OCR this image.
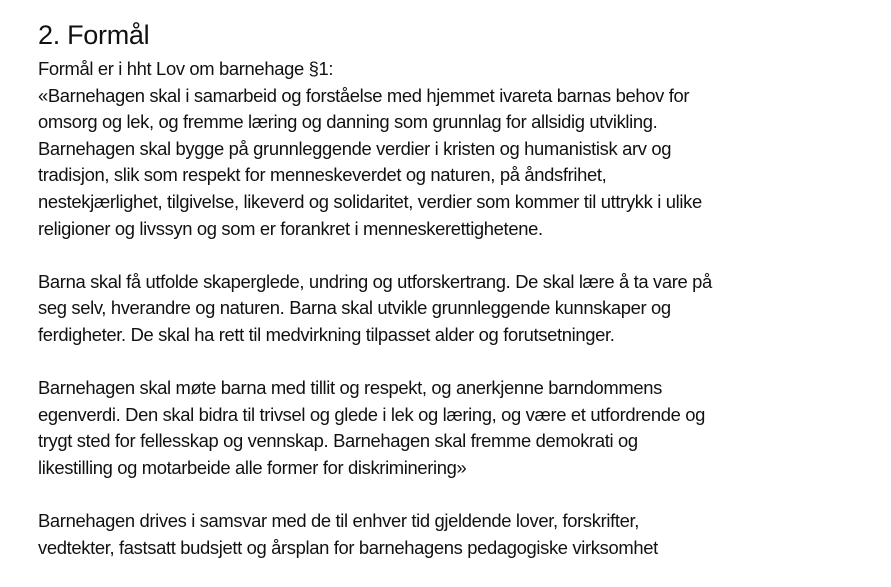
2. Formål
Formål er i hht Lov om barnehage §1:
«Barnehagen skal i samarbeid og forståelse med hjemmet ivareta barnas behov for
omsorg og lek, og fremme læring og danning som grunnlag for allsidig utvikling.
Barnehagen skal bygge på grunnleggende verdier i kristen og humanistisk arv og
tradisjon, slik som respekt for menneskeverdet og naturen, på åndsfrihet,
nestekjærlighet, tilgivelse, likeverd og solidaritet, verdier som kommer til uttrykk i ulike
religioner og livssyn og som er forankret i menneskerettighetene.
Barna skal få utfolde skaperglede, undring og utforskertrang. De skal lære å ta vare på
seg selv, hverandre og naturen. Barna skal utvikle grunnleggende kunnskaper og
ferdigheter. De skal ha rett til medvirkning tilpasset alder og forutsetninger.
Barnehagen skal møte barna med tillit og respekt, og anerkjenne barndommens
egenverdi. Den skal bidra til trivsel og glede i lek og læring, og være et utfordrende og
trygt sted for fellesskap og vennskap. Barnehagen skal fremme demokrati og
likestilling og motarbeide alle former for diskriminering»
Barnehagen drives i samsvar med de til enhver tid gjeldende lover, forskrifter,
vedtekter, fastsatt budsjett og årsplan for barnehagens pedagogiske virksomhet
